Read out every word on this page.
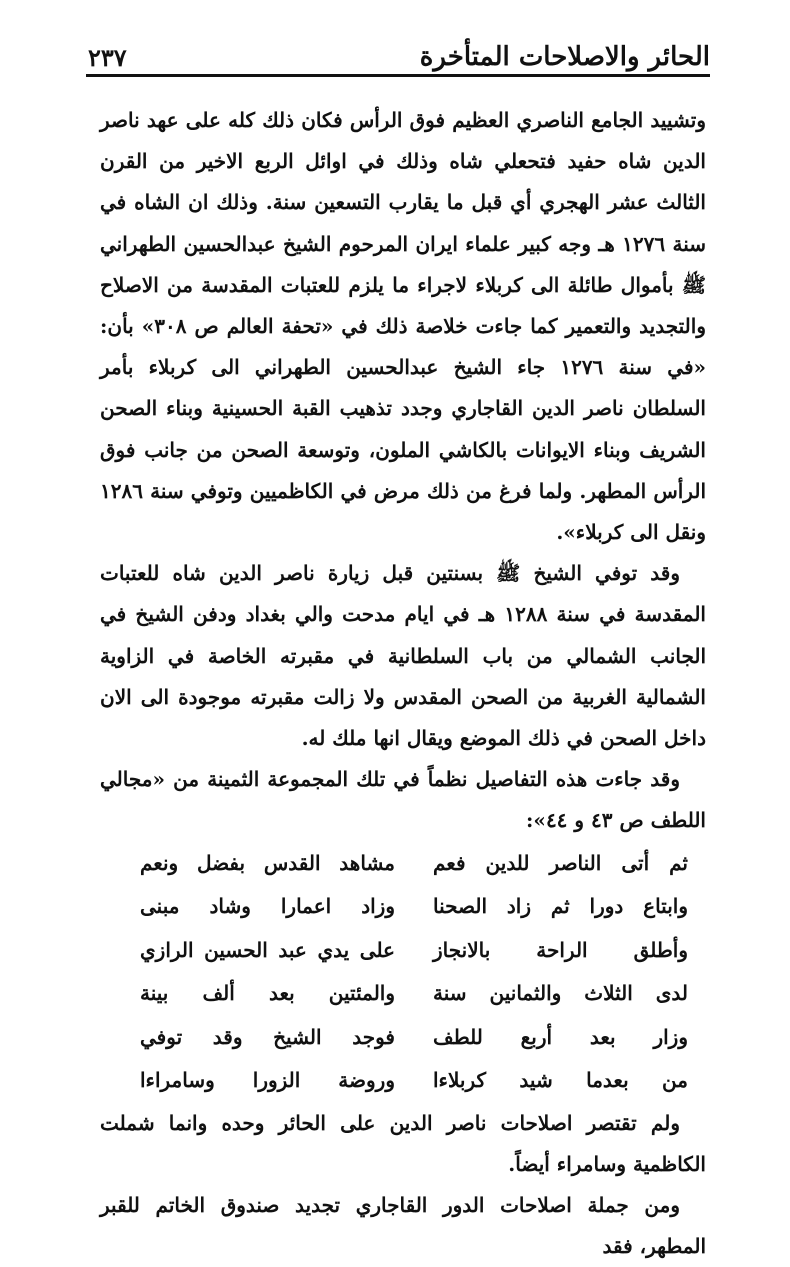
الحائر والاصلاحات المتأخرة
٢٣٧

وتشييد الجامع الناصري العظيم فوق الرأس فكان ذلك كله على عهد ناصر الدين شاه حفيد فتحعلي شاه وذلك في اوائل الربع الاخير من القرن الثالث عشر الهجري أي قبل ما يقارب التسعين سنة. وذلك ان الشاه في سنة ١٢٧٦ هـ وجه كبير علماء ايران المرحوم الشيخ عبدالحسين الطهراني ﷺ بأموال طائلة الى كربلاء لاجراء ما يلزم للعتبات المقدسة من الاصلاح والتجديد والتعمير كما جاءت خلاصة ذلك في «تحفة العالم ص ٣٠٨» بأن: «في سنة ١٢٧٦ جاء الشيخ عبدالحسين الطهراني الى كربلاء بأمر السلطان ناصر الدين القاجاري وجدد تذهيب القبة الحسينية وبناء الصحن الشريف وبناء الايوانات بالكاشي الملون، وتوسعة الصحن من جانب فوق الرأس المطهر. ولما فرغ من ذلك مرض في الكاظميين وتوفي سنة ١٢٨٦ ونقل الى كربلاء».

وقد توفي الشيخ ﷺ بسنتين قبل زيارة ناصر الدين شاه للعتبات المقدسة في سنة ١٢٨٨ هـ في ايام مدحت والي بغداد ودفن الشيخ في الجانب الشمالي من باب السلطانية في مقبرته الخاصة في الزاوية الشمالية الغربية من الصحن المقدس ولا زالت مقبرته موجودة الى الان داخل الصحن في ذلك الموضع ويقال انها ملك له.

وقد جاءت هذه التفاصيل نظماً في تلك المجموعة الثمينة من «مجالي اللطف ص ٤٣ و ٤٤»:

ثم أتى الناصر للدين فعم
مشاهد القدس بفضل ونعم
وابتاع دورا ثم زاد الصحنا
وزاد اعمارا وشاد مبنى
وأطلق الراحة بالانجاز
على يدي عبد الحسين الرازي
لدى الثلاث والثمانين سنة
والمئتين بعد ألف بينة
وزار بعد أربع للطف
فوجد الشيخ وقد توفي
من بعدما شيد كربلاءا
وروضة الزورا وسامراءا

ولم تقتصر اصلاحات ناصر الدين على الحائر وحده وانما شملت الكاظمية وسامراء أيضاً.

ومن جملة اصلاحات الدور القاجاري تجديد صندوق الخاتم للقبر المطهر، فقد
